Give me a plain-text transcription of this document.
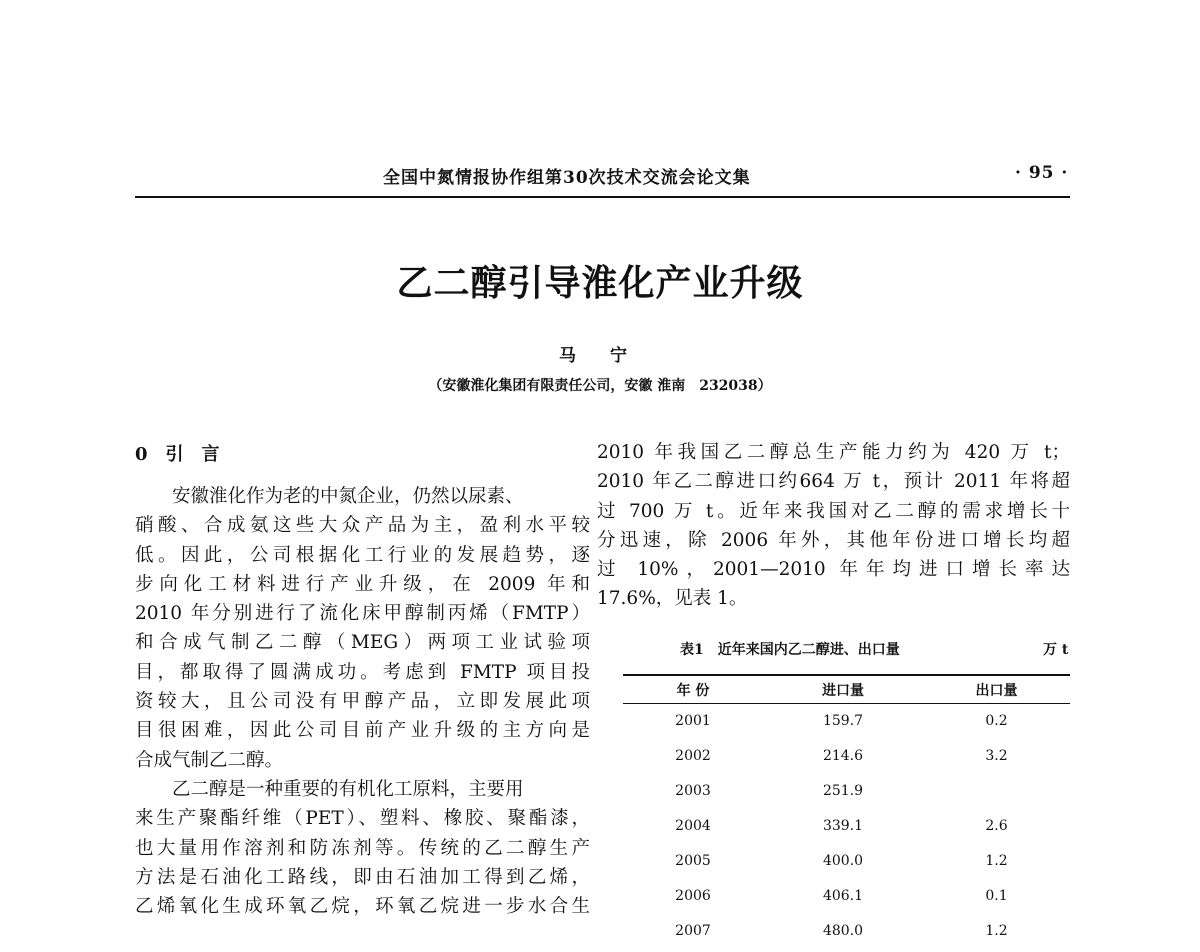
全国中氮情报协作组第30次技术交流会论文集	· 95 ·
乙二醇引导淮化产业升级
马 宁
（安徽淮化集团有限责任公司，安徽 淮南　232038）
0　引　言

　　安徽淮化作为老的中氮企业，仍然以尿素、

硝酸、合成氨这些大众产品为主，盈利水平较

低。因此，公司根据化工行业的发展趋势，逐

步向化工材料进行产业升级，在 2009 年和

2010 年分别进行了流化床甲醇制丙烯（FMTP）

和合成气制乙二醇（MEG）两项工业试验项

目，都取得了圆满成功。考虑到 FMTP 项目投

资较大，且公司没有甲醇产品，立即发展此项

目很困难，因此公司目前产业升级的主方向是

合成气制乙二醇。

　　乙二醇是一种重要的有机化工原料，主要用

来生产聚酯纤维（PET）、塑料、橡胶、聚酯漆，

也大量用作溶剂和防冻剂等。传统的乙二醇生产

方法是石油化工路线，即由石油加工得到乙烯，

乙烯氧化生成环氧乙烷，环氧乙烷进一步水合生

2010 年我国乙二醇总生产能力约为 420 万 t；

2010 年乙二醇进口约664 万 t，预计 2011 年将超

过 700 万 t。近年来我国对乙二醇的需求增长十

分迅速，除 2006 年外，其他年份进口增长均超

过 10%，2001—2010 年年均进口增长率达

17.6%，见表 1。

表1　近年来国内乙二醇进、出口量	万 t
年 份	进口量	出口量
2001	159.7	0.2
2002	214.6	3.2
2003	251.9	
2004	339.1	2.6
2005	400.0	1.2
2006	406.1	0.1
2007	480.0	1.2
